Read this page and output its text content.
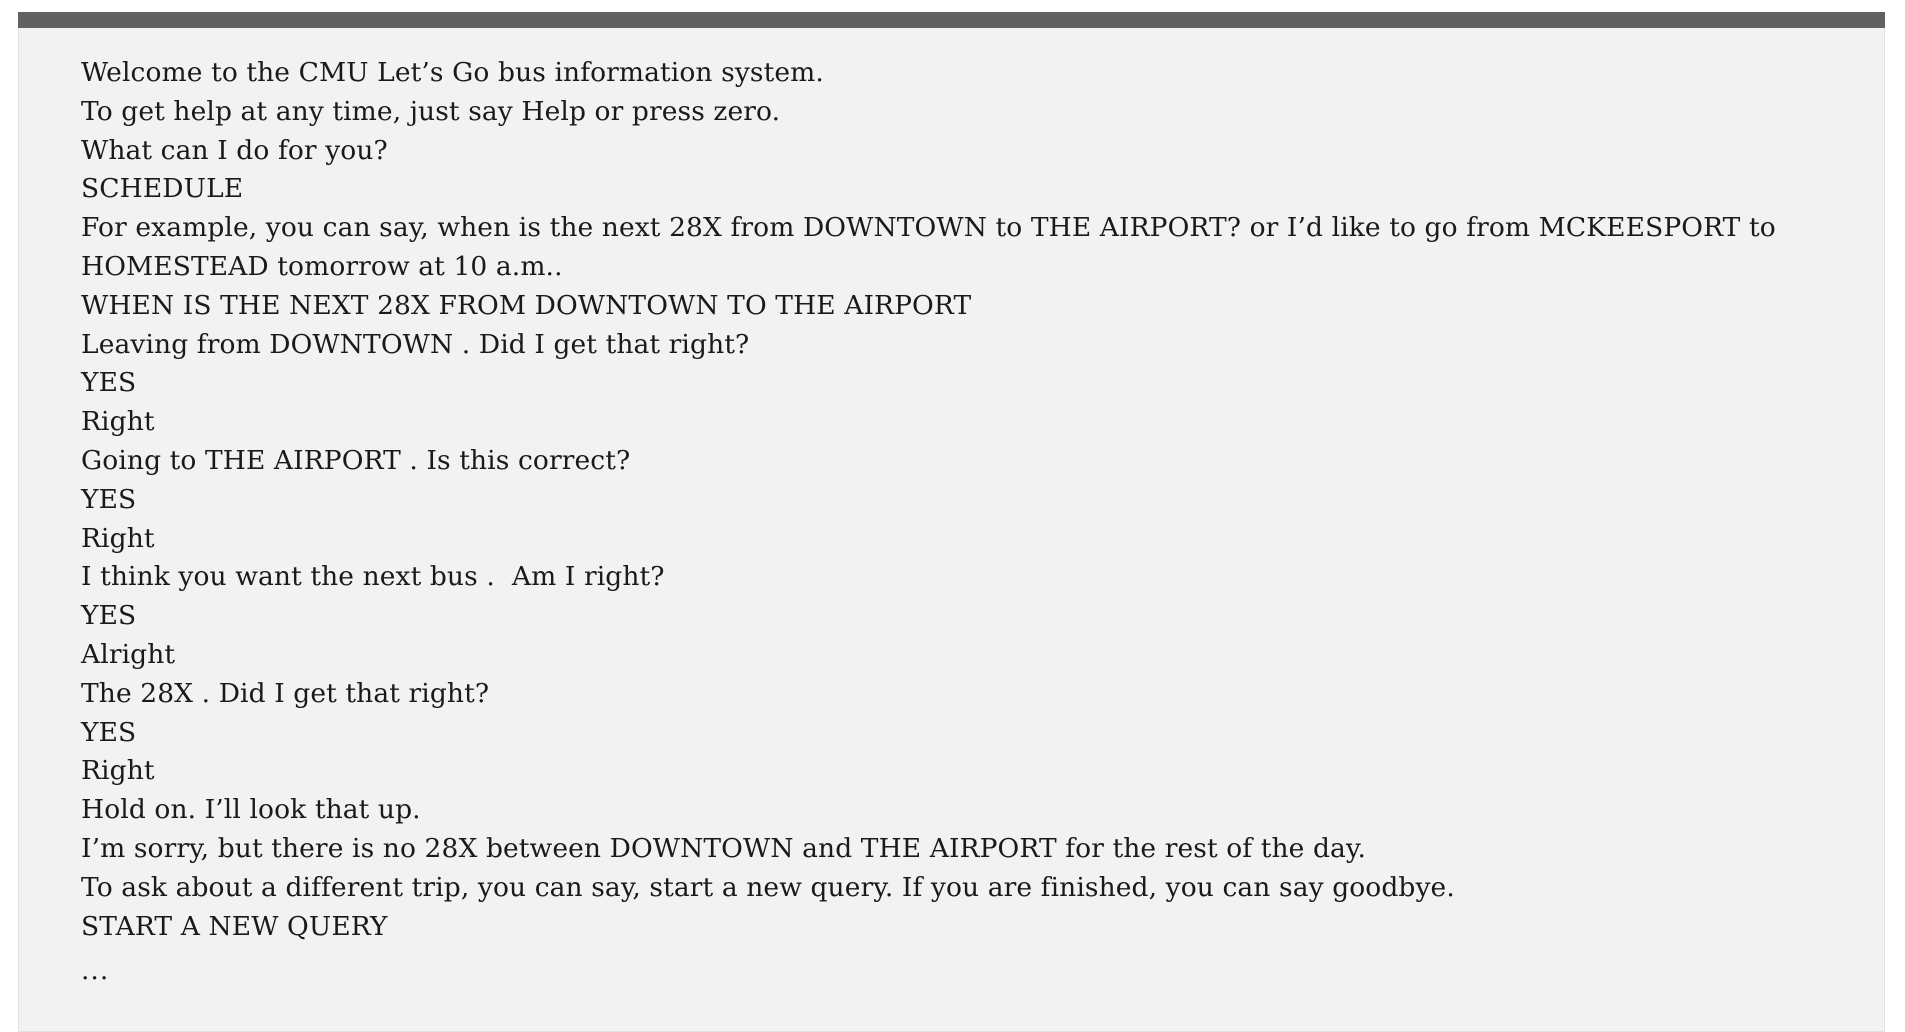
Welcome to the CMU Let’s Go bus information system.
To get help at any time, just say Help or press zero.
What can I do for you?
SCHEDULE
For example, you can say, when is the next 28X from DOWNTOWN to THE AIRPORT? or I’d like to go from MCKEESPORT to HOMESTEAD tomorrow at 10 a.m..
WHEN IS THE NEXT 28X FROM DOWNTOWN TO THE AIRPORT
Leaving from DOWNTOWN . Did I get that right?
YES
Right
Going to THE AIRPORT . Is this correct?
YES
Right
I think you want the next bus .  Am I right?
YES
Alright
The 28X . Did I get that right?
YES
Right
Hold on. I’ll look that up.
I’m sorry, but there is no 28X between DOWNTOWN and THE AIRPORT for the rest of the day.
To ask about a different trip, you can say, start a new query. If you are finished, you can say goodbye.
START A NEW QUERY
...
